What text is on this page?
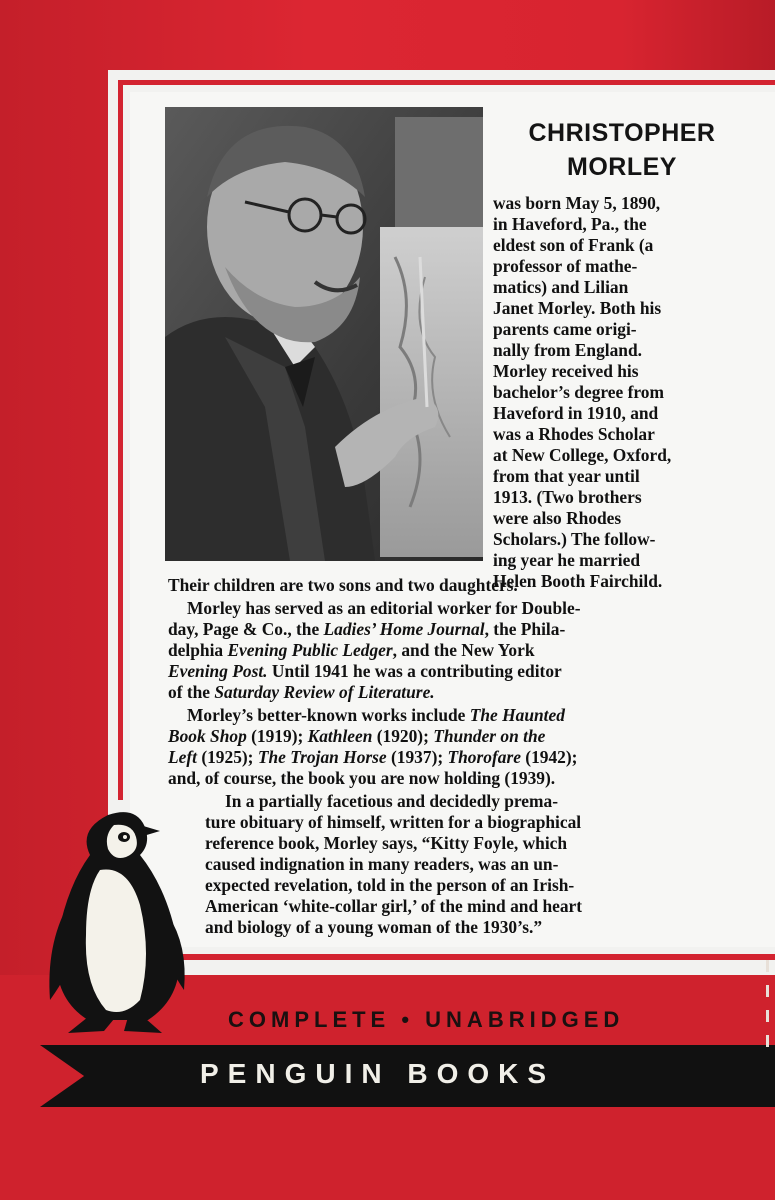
CHRISTOPHER
MORLEY
was born May 5, 1890,
in Haveford, Pa., the
eldest son of Frank (a
professor of mathe-
matics) and Lilian
Janet Morley. Both his
parents came origi-
nally from England.
Morley received his
bachelor’s degree from
Haveford in 1910, and
was a Rhodes Scholar
at New College, Oxford,
from that year until
1913. (Two brothers
were also Rhodes
Scholars.) The follow-
ing year he married
Helen Booth Fairchild.
Their children are two sons and two daughters.
Morley has served as an editorial worker for Double-
day, Page & Co., the Ladies’ Home Journal, the Phila-
delphia Evening Public Ledger, and the New York
Evening Post. Until 1941 he was a contributing editor
of the Saturday Review of Literature.
Morley’s better-known works include The Haunted
Book Shop (1919); Kathleen (1920); Thunder on the
Left (1925); The Trojan Horse (1937); Thorofare (1942);
and, of course, the book you are now holding (1939).
In a partially facetious and decidedly prema-
ture obituary of himself, written for a biographical
reference book, Morley says, “Kitty Foyle, which
caused indignation in many readers, was an un-
expected revelation, told in the person of an Irish-
American ‘white-collar girl,’ of the mind and heart
and biology of a young woman of the 1930’s.”
COMPLETE • UNABRIDGED
PENGUIN BOOKS
